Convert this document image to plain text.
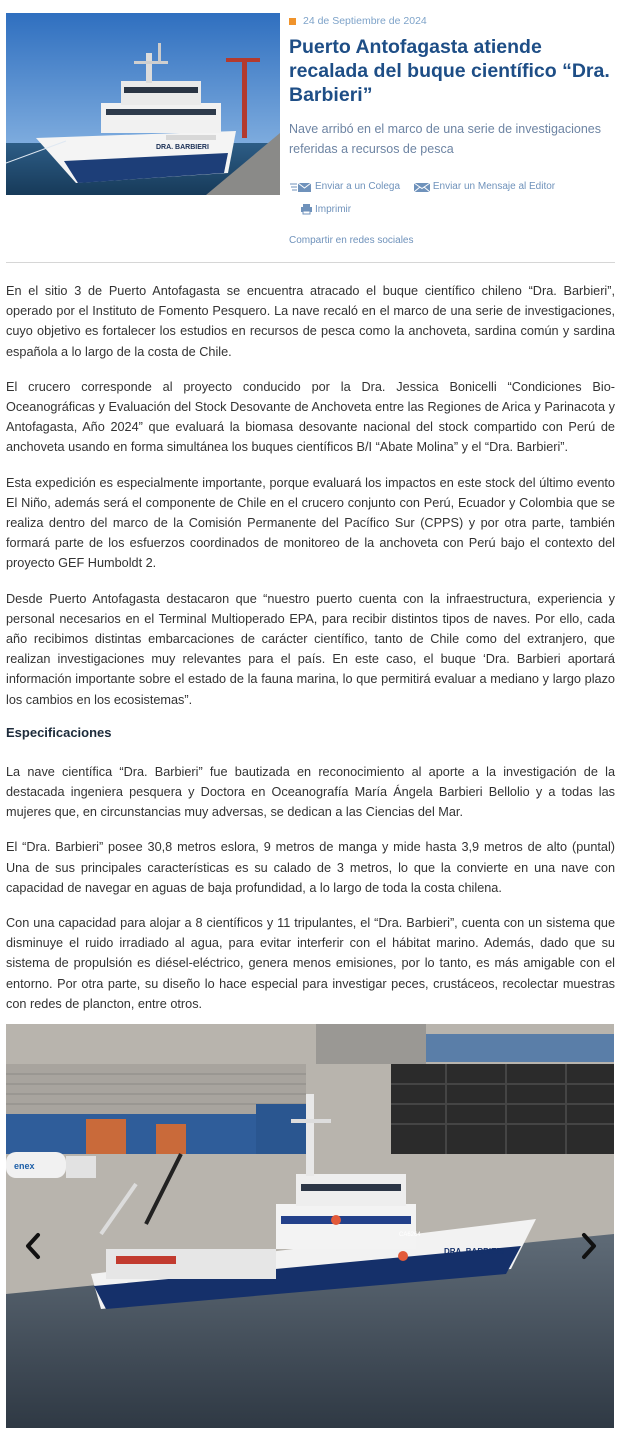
DRA. BARBIERI
24 de Septiembre de 2024
Puerto Antofagasta atiende recalada del buque científico “Dra. Barbieri”

Nave arribó en el marco de una serie de investigaciones referidas a recursos de pesca

Enviar a un Colega
	Enviar un Mensaje al Editor

Imprimir
Compartir en redes sociales

En el sitio 3 de Puerto Antofagasta se encuentra atracado el buque científico chileno “Dra. Barbieri”, operado por el Instituto de Fomento Pesquero. La nave recaló en el marco de una serie de investigaciones, cuyo objetivo es fortalecer los estudios en recursos de pesca como la anchoveta, sardina común y sardina española a lo largo de la costa de Chile.

El crucero corresponde al proyecto conducido por la Dra. Jessica Bonicelli “Condiciones Bio-Oceanográficas y Evaluación del Stock Desovante de Anchoveta entre las Regiones de Arica y Parinacota y Antofagasta, Año 2024” que evaluará la biomasa desovante nacional del stock compartido con Perú de anchoveta usando en forma simultánea los buques científicos B/I “Abate Molina” y el “Dra. Barbieri”.

Esta expedición es especialmente importante, porque evaluará los impactos en este stock del último evento El Niño, además será el componente de Chile en el crucero conjunto con Perú, Ecuador y Colombia que se realiza dentro del marco de la Comisión Permanente del Pacífico Sur (CPPS) y por otra parte, también formará parte de los esfuerzos coordinados de monitoreo de la anchoveta con Perú bajo el contexto del proyecto GEF Humboldt 2.

Desde Puerto Antofagasta destacaron que “nuestro puerto cuenta con la infraestructura, experiencia y personal necesarios en el Terminal Multioperado EPA, para recibir distintos tipos de naves. Por ello, cada año recibimos distintas embarcaciones de carácter científico, tanto de Chile como del extranjero, que realizan investigaciones muy relevantes para el país. En este caso, el buque ‘Dra. Barbieri aportará información importante sobre el estado de la fauna marina, lo que permitirá evaluar a mediano y largo plazo los cambios en los ecosistemas”.

Especificaciones

La nave científica “Dra. Barbieri” fue bautizada en reconocimiento al aporte a la investigación de la destacada ingeniera pesquera y Doctora en Oceanografía María Ángela Barbieri Bellolio y a todas las mujeres que, en circunstancias muy adversas, se dedican a las Ciencias del Mar.

El “Dra. Barbieri” posee 30,8 metros eslora, 9 metros de manga y mide hasta 3,9 metros de alto (puntal) Una de sus principales características es su calado de 3 metros, lo que la convierte en una nave con capacidad de navegar en aguas de baja profundidad, a lo largo de toda la costa chilena.

Con una capacidad para alojar a 8 científicos y 11 tripulantes, el “Dra. Barbieri”, cuenta con un sistema que disminuye el ruido irradiado al agua, para evitar interferir con el hábitat marino. Además, dado que su sistema de propulsión es diésel-eléctrico, genera menos emisiones, por lo tanto, es más amigable con el entorno. Por otra parte, su diseño lo hace especial para investigar peces, crustáceos, recolectar muestras con redes de plancton, entre otros.

enex
DRA. BARBIERI
CA6264
